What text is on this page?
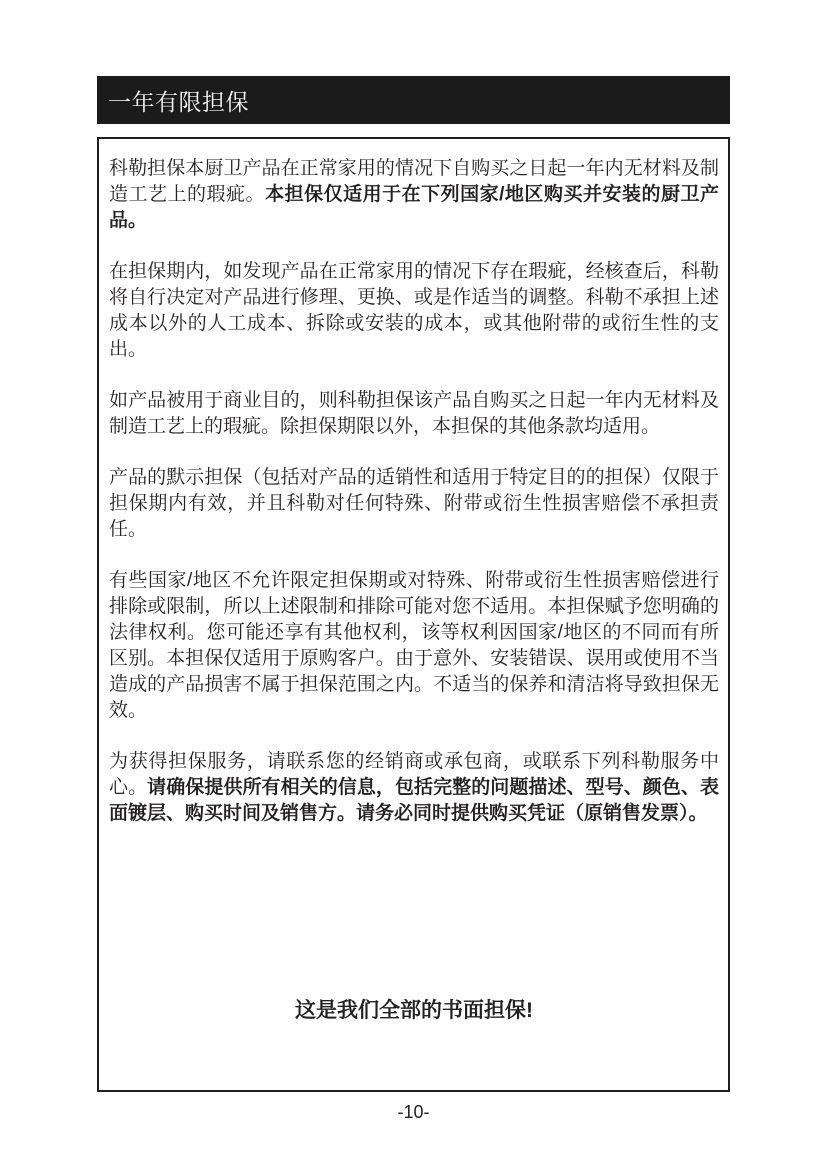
一年有限担保

科勒担保本厨卫产品在正常家用的情况下自购买之日起一年内无材料及制造工艺上的瑕疵。本担保仅适用于在下列国家/地区购买并安装的厨卫产品。

在担保期内，如发现产品在正常家用的情况下存在瑕疵，经核查后，科勒将自行决定对产品进行修理、更换、或是作适当的调整。科勒不承担上述成本以外的人工成本、拆除或安装的成本，或其他附带的或衍生性的支出。

如产品被用于商业目的，则科勒担保该产品自购买之日起一年内无材料及制造工艺上的瑕疵。除担保期限以外，本担保的其他条款均适用。

产品的默示担保（包括对产品的适销性和适用于特定目的的担保）仅限于担保期内有效，并且科勒对任何特殊、附带或衍生性损害赔偿不承担责任。

有些国家/地区不允许限定担保期或对特殊、附带或衍生性损害赔偿进行排除或限制，所以上述限制和排除可能对您不适用。本担保赋予您明确的法律权利。您可能还享有其他权利，该等权利因国家/地区的不同而有所区别。本担保仅适用于原购客户。由于意外、安装错误、误用或使用不当造成的产品损害不属于担保范围之内。不适当的保养和清洁将导致担保无效。

为获得担保服务，请联系您的经销商或承包商，或联系下列科勒服务中心。请确保提供所有相关的信息，包括完整的问题描述、型号、颜色、表面镀层、购买时间及销售方。请务必同时提供购买凭证（原销售发票）。

这是我们全部的书面担保!

-10-
